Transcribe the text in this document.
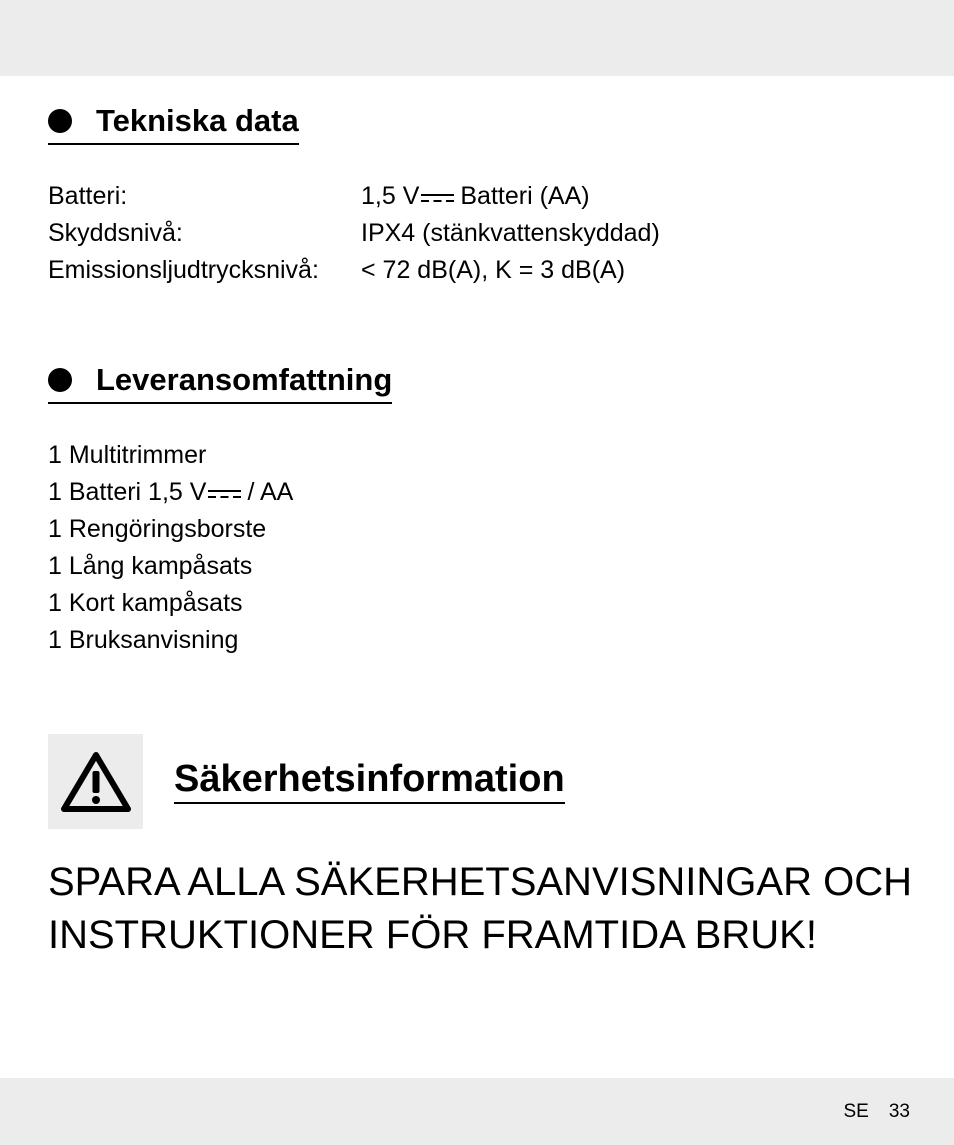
Tekniska data
Batteri:	1,5 V Batteri (AA)
Skyddsnivå:	IPX4 (stänkvattenskyddad)
Emissionsljudtrycksnivå:	< 72 dB(A), K = 3 dB(A)
Leveransomfattning
1 Multitrimmer
1 Batteri 1,5 V / AA
1 Rengöringsborste
1 Lång kampåsats
1 Kort kampåsats
1 Bruksanvisning
Säkerhetsinformation
SPARA ALLA SÄKERHETSANVISNINGAR OCH
INSTRUKTIONER FÖR FRAMTIDA BRUK!
SE 33
